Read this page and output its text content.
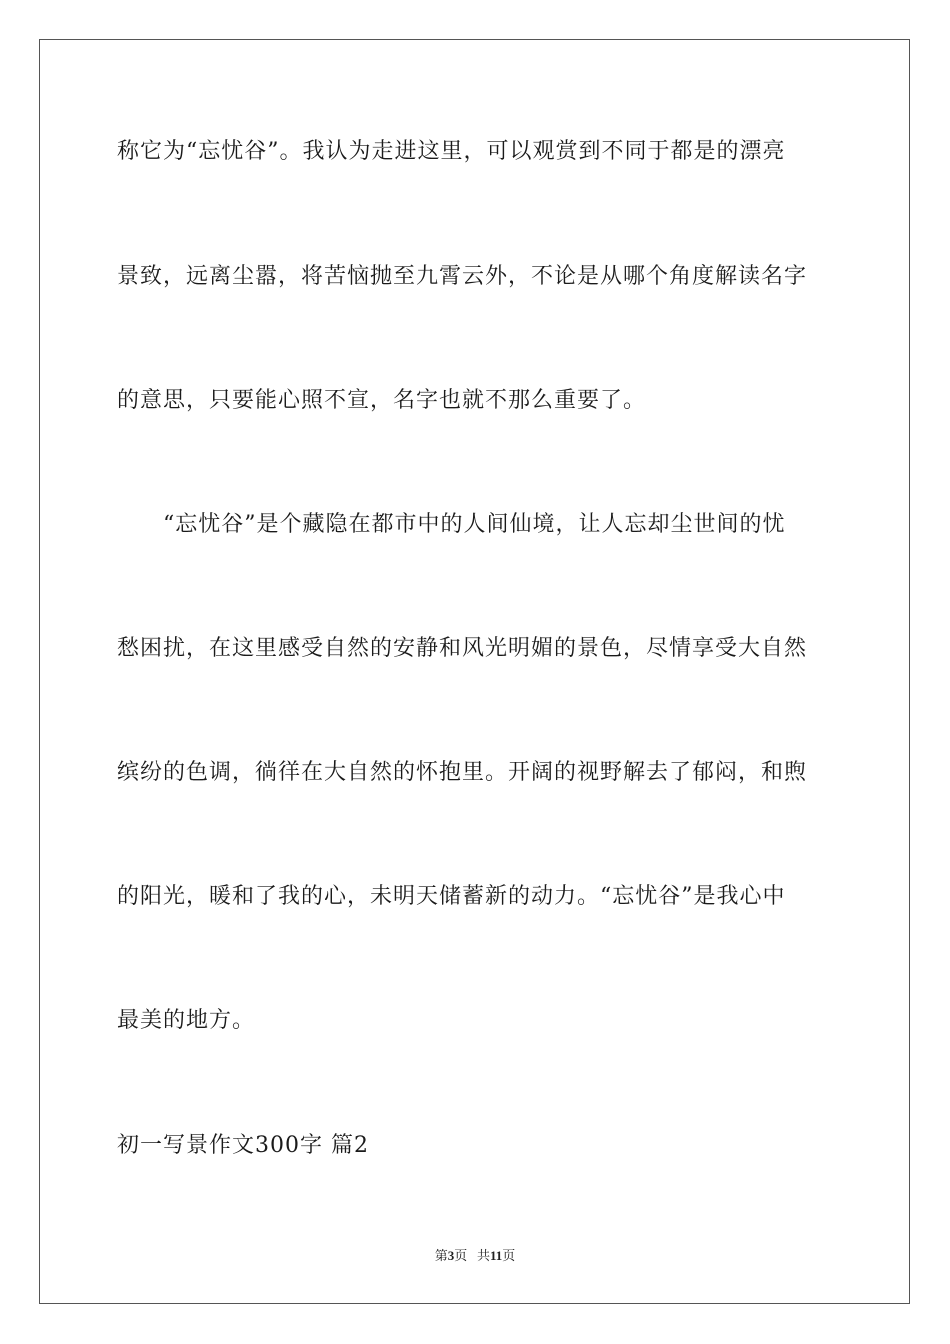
称它为“忘忧谷”。我认为走进这里，可以观赏到不同于都是的漂亮
景致，远离尘嚣，将苦恼抛至九霄云外，不论是从哪个角度解读名字
的意思，只要能心照不宣，名字也就不那么重要了。
　　“忘忧谷”是个藏隐在都市中的人间仙境，让人忘却尘世间的忧
愁困扰，在这里感受自然的安静和风光明媚的景色，尽情享受大自然
缤纷的色调，徜徉在大自然的怀抱里。开阔的视野解去了郁闷，和煦
的阳光，暖和了我的心，未明天储蓄新的动力。“忘忧谷”是我心中
最美的地方。
初一写景作文300字 篇2
第3页 共11页
